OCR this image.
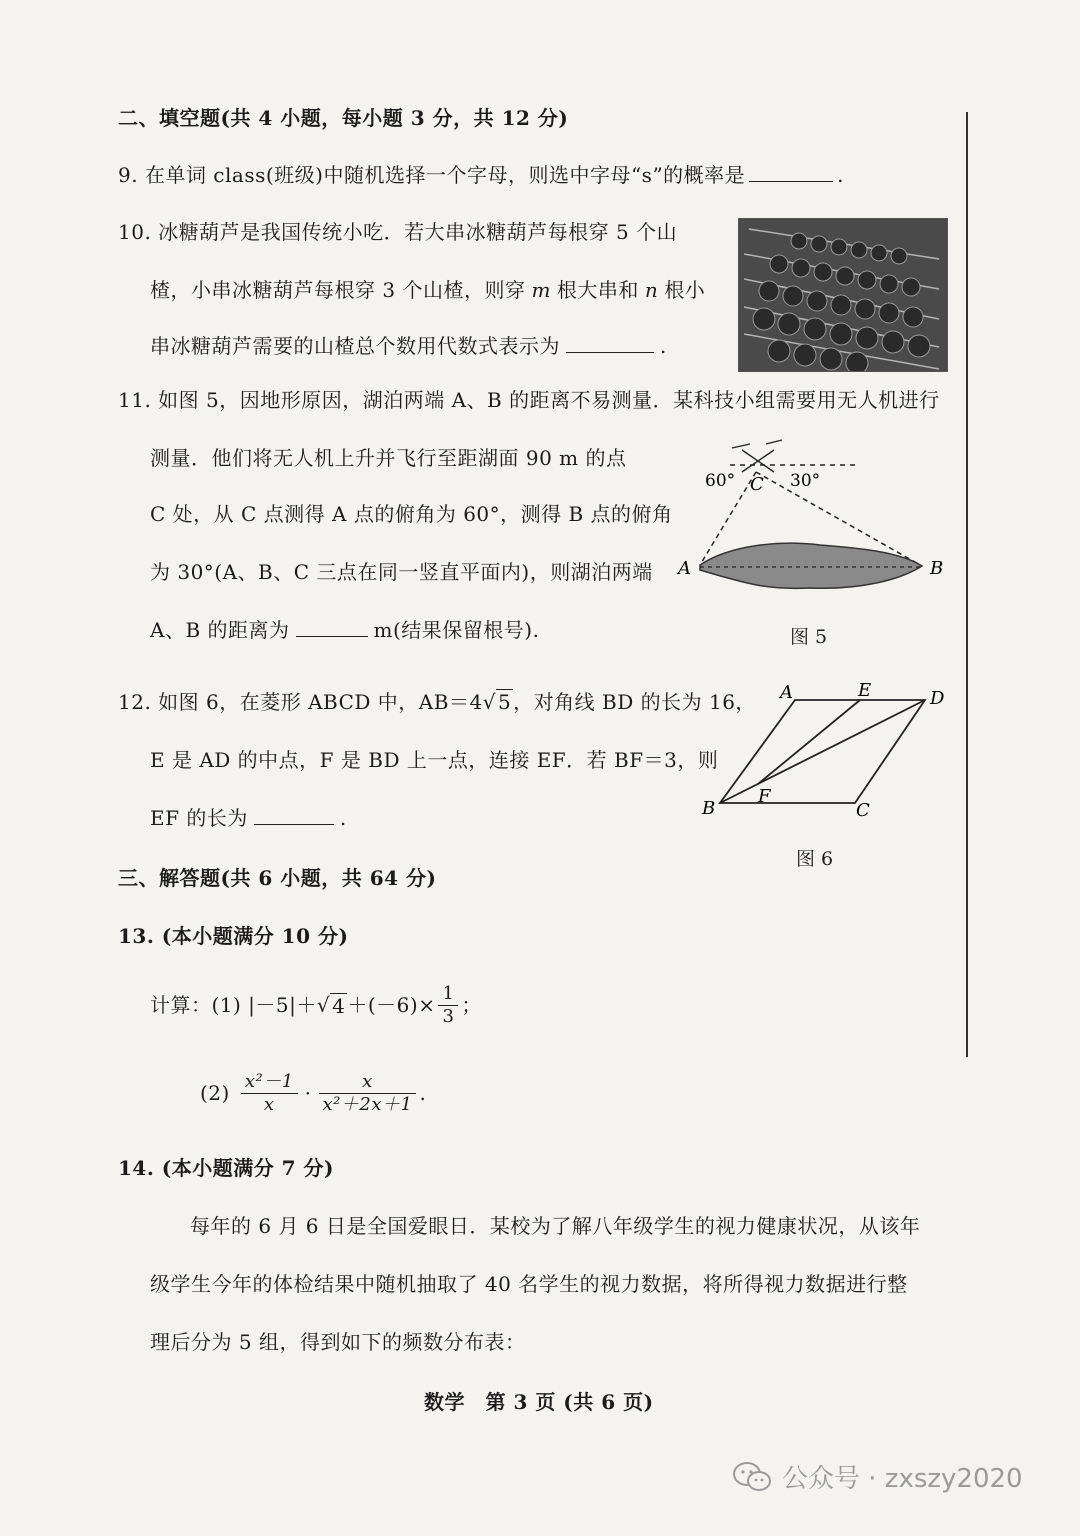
二、填空题(共 4 小题，每小题 3 分，共 12 分)
9. 在单词 class(班级)中随机选择一个字母，则选中字母“s”的概率是	.
10. 冰糖葫芦是我国传统小吃．若大串冰糖葫芦每根穿 5 个山
楂，小串冰糖葫芦每根穿 3 个山楂，则穿 m 根大串和 n 根小
串冰糖葫芦需要的山楂总个数用代数式表示为	.
11. 如图 5，因地形原因，湖泊两端 A、B 的距离不易测量．某科技小组需要用无人机进行
测量．他们将无人机上升并飞行至距湖面 90 m 的点
C 处，从 C 点测得 A 点的俯角为 60°，测得 B 点的俯角
为 30°(A、B、C 三点在同一竖直平面内)，则湖泊两端
A、B 的距离为	m(结果保留根号).
60°	30°
C
A	B
图 5
12. 如图 6，在菱形 ABCD 中，AB＝4√ 5 ，对角线 BD 的长为 16，
E 是 AD 的中点，F 是 BD 上一点，连接 EF．若 BF＝3，则
EF 的长为	.
A	E	D
B
F
C
图 6
三、解答题(共 6 小题，共 64 分)
13. (本小题满分 10 分)
计算：(1) |－5|＋ √ $4 +(-6)\times \frac{1}{3}$ ；
$(2) \frac{\text{x²－1}}{x} \cdot \frac{x}{\text{x²＋2x＋1}}$ .
14. (本小题满分 7 分)
每年的 6 月 6 日是全国爱眼日．某校为了解八年级学生的视力健康状况，从该年
级学生今年的体检结果中随机抽取了 40 名学生的视力数据，将所得视力数据进行整
理后分为 5 组，得到如下的频数分布表：
数学　第 3 页 (共 6 页)
公众号 · zxszy2020
